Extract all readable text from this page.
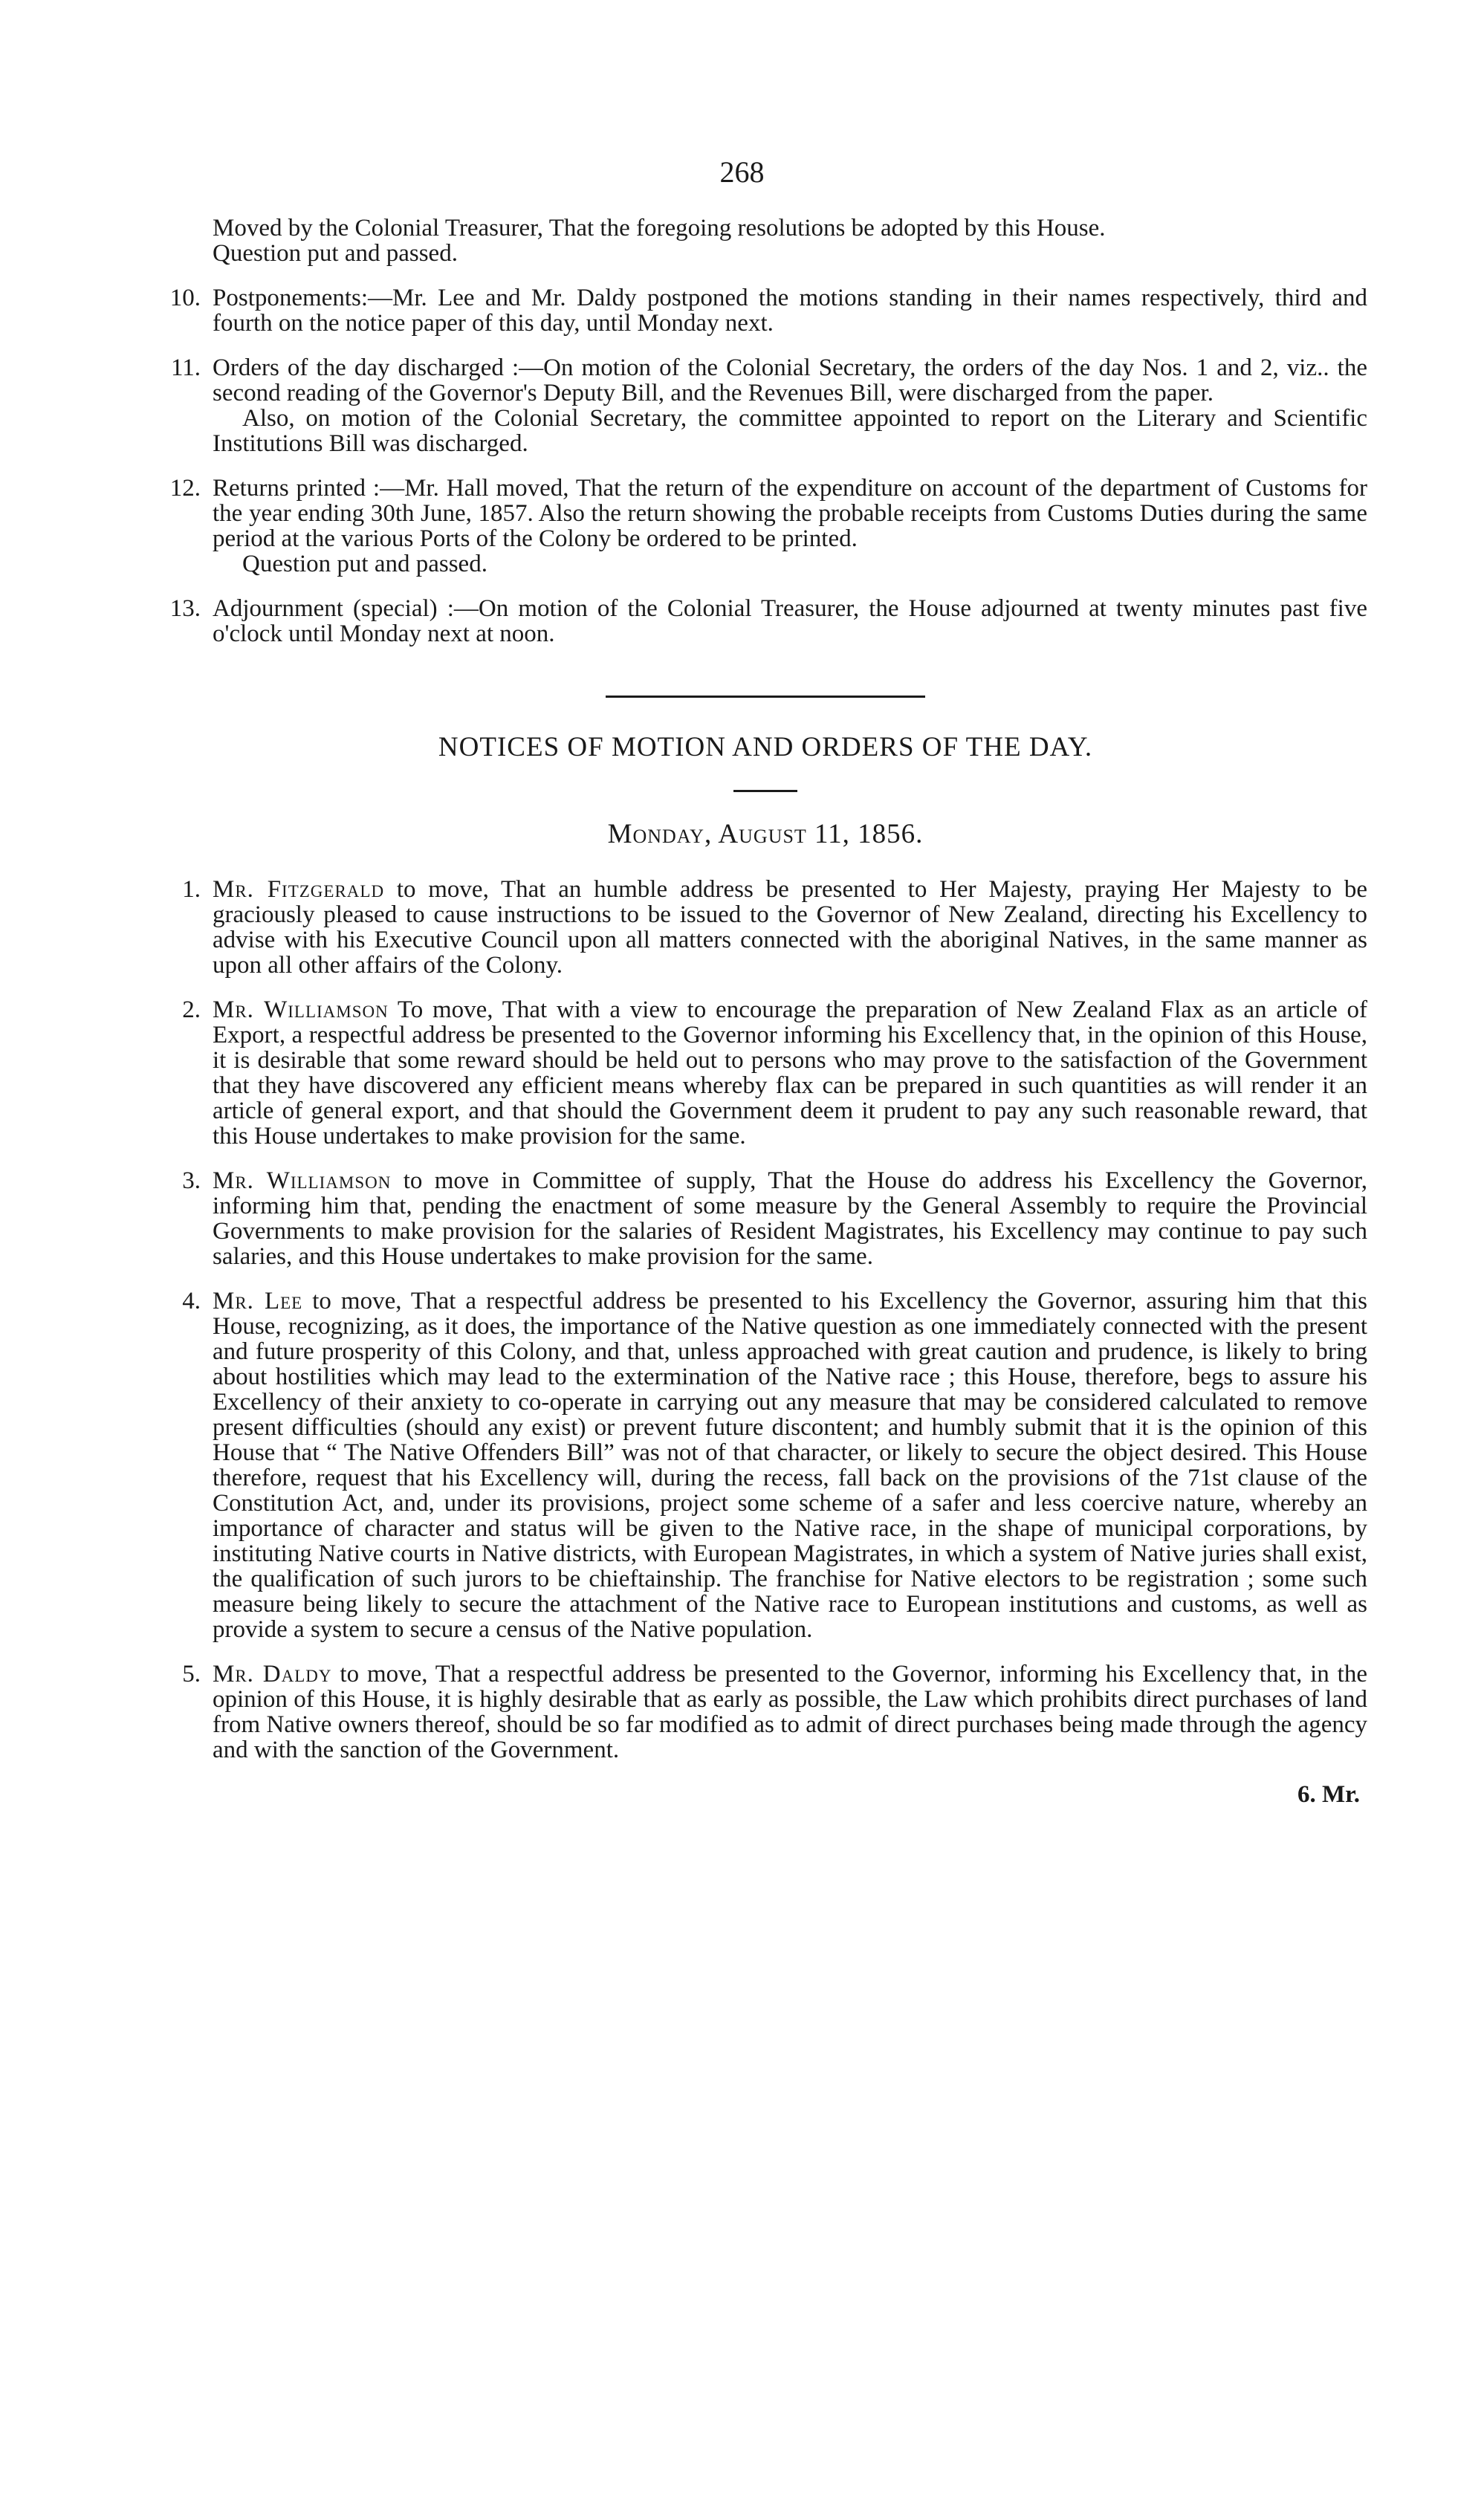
268

Moved by the Colonial Treasurer, That the foregoing resolutions be adopted by this House.

Question put and passed.

10. Postponements:—Mr. Lee and Mr. Daldy postponed the motions standing in their names respectively, third and fourth on the notice paper of this day, until Monday next.

11. Orders of the day discharged :—On motion of the Colonial Secretary, the orders of the day Nos. 1 and 2, viz.. the second reading of the Governor's Deputy Bill, and the Revenues Bill, were discharged from the paper.

Also, on motion of the Colonial Secretary, the committee appointed to report on the Literary and Scientific Institutions Bill was discharged.

12. Returns printed :—Mr. Hall moved, That the return of the expenditure on account of the department of Customs for the year ending 30th June, 1857. Also the return showing the probable receipts from Customs Duties during the same period at the various Ports of the Colony be ordered to be printed.

Question put and passed.

13. Adjournment (special) :—On motion of the Colonial Treasurer, the House adjourned at twenty minutes past five o'clock until Monday next at noon.

NOTICES OF MOTION AND ORDERS OF THE DAY.
Monday, August 11, 1856.
1. Mr. Fitzgerald to move, That an humble address be presented to Her Majesty, praying Her Majesty to be graciously pleased to cause instructions to be issued to the Governor of New Zealand, directing his Excellency to advise with his Executive Council upon all matters connected with the aboriginal Natives, in the same manner as upon all other affairs of the Colony.

2. Mr. Williamson To move, That with a view to encourage the preparation of New Zealand Flax as an article of Export, a respectful address be presented to the Governor informing his Excellency that, in the opinion of this House, it is desirable that some reward should be held out to persons who may prove to the satisfaction of the Government that they have discovered any efficient means whereby flax can be prepared in such quantities as will render it an article of general export, and that should the Government deem it prudent to pay any such reasonable reward, that this House undertakes to make provision for the same.

3. Mr. Williamson to move in Committee of supply, That the House do address his Excellency the Governor, informing him that, pending the enactment of some measure by the General Assembly to require the Provincial Governments to make provision for the salaries of Resident Magistrates, his Excellency may continue to pay such salaries, and this House undertakes to make provision for the same.

4. Mr. Lee to move, That a respectful address be presented to his Excellency the Governor, assuring him that this House, recognizing, as it does, the importance of the Native question as one immediately connected with the present and future prosperity of this Colony, and that, unless approached with great caution and prudence, is likely to bring about hostilities which may lead to the extermination of the Native race ; this House, therefore, begs to assure his Excellency of their anxiety to co-operate in carrying out any measure that may be considered calculated to remove present difficulties (should any exist) or prevent future discontent; and humbly submit that it is the opinion of this House that “ The Native Offenders Bill” was not of that character, or likely to secure the object desired. This House therefore, request that his Excellency will, during the recess, fall back on the provisions of the 71st clause of the Constitution Act, and, under its provisions, project some scheme of a safer and less coercive nature, whereby an importance of character and status will be given to the Native race, in the shape of municipal corporations, by instituting Native courts in Native districts, with European Magistrates, in which a system of Native juries shall exist, the qualification of such jurors to be chieftainship. The franchise for Native electors to be registration ; some such measure being likely to secure the attachment of the Native race to European institutions and customs, as well as provide a system to secure a census of the Native population.

5. Mr. Daldy to move, That a respectful address be presented to the Governor, informing his Excellency that, in the opinion of this House, it is highly desirable that as early as possible, the Law which prohibits direct purchases of land from Native owners thereof, should be so far modified as to admit of direct purchases being made through the agency and with the sanction of the Government.

6. Mr.
